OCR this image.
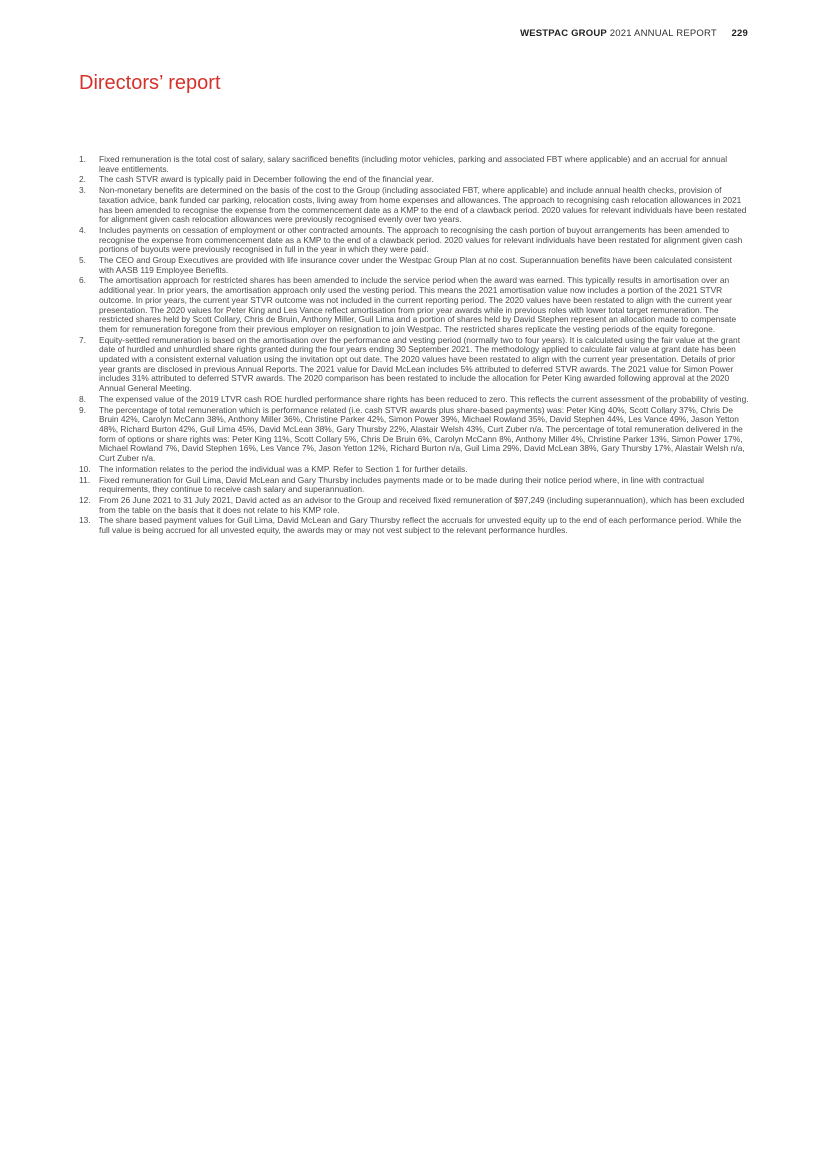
WESTPAC GROUP 2021 ANNUAL REPORT 229
Directors’ report
1. Fixed remuneration is the total cost of salary, salary sacrificed benefits (including motor vehicles, parking and associated FBT where applicable) and an accrual for annual leave entitlements.
2. The cash STVR award is typically paid in December following the end of the financial year.
3. Non-monetary benefits are determined on the basis of the cost to the Group (including associated FBT, where applicable) and include annual health checks, provision of taxation advice, bank funded car parking, relocation costs, living away from home expenses and allowances. The approach to recognising cash relocation allowances in 2021 has been amended to recognise the expense from the commencement date as a KMP to the end of a clawback period. 2020 values for relevant individuals have been restated for alignment given cash relocation allowances were previously recognised evenly over two years.
4. Includes payments on cessation of employment or other contracted amounts. The approach to recognising the cash portion of buyout arrangements has been amended to recognise the expense from commencement date as a KMP to the end of a clawback period. 2020 values for relevant individuals have been restated for alignment given cash portions of buyouts were previously recognised in full in the year in which they were paid.
5. The CEO and Group Executives are provided with life insurance cover under the Westpac Group Plan at no cost. Superannuation benefits have been calculated consistent with AASB 119 Employee Benefits.
6. The amortisation approach for restricted shares has been amended to include the service period when the award was earned. This typically results in amortisation over an additional year. In prior years, the amortisation approach only used the vesting period. This means the 2021 amortisation value now includes a portion of the 2021 STVR outcome. In prior years, the current year STVR outcome was not included in the current reporting period. The 2020 values have been restated to align with the current year presentation. The 2020 values for Peter King and Les Vance reflect amortisation from prior year awards while in previous roles with lower total target remuneration. The restricted shares held by Scott Collary, Chris de Bruin, Anthony Miller, Guil Lima and a portion of shares held by David Stephen represent an allocation made to compensate them for remuneration foregone from their previous employer on resignation to join Westpac. The restricted shares replicate the vesting periods of the equity foregone.
7. Equity-settled remuneration is based on the amortisation over the performance and vesting period (normally two to four years). It is calculated using the fair value at the grant date of hurdled and unhurdled share rights granted during the four years ending 30 September 2021. The methodology applied to calculate fair value at grant date has been updated with a consistent external valuation using the invitation opt out date. The 2020 values have been restated to align with the current year presentation. Details of prior year grants are disclosed in previous Annual Reports. The 2021 value for David McLean includes 5% attributed to deferred STVR awards. The 2021 value for Simon Power includes 31% attributed to deferred STVR awards. The 2020 comparison has been restated to include the allocation for Peter King awarded following approval at the 2020 Annual General Meeting.
8. The expensed value of the 2019 LTVR cash ROE hurdled performance share rights has been reduced to zero. This reflects the current assessment of the probability of vesting.
9. The percentage of total remuneration which is performance related (i.e. cash STVR awards plus share-based payments) was: Peter King 40%, Scott Collary 37%, Chris De Bruin 42%, Carolyn McCann 38%, Anthony Miller 36%, Christine Parker 42%, Simon Power 39%, Michael Rowland 35%, David Stephen 44%, Les Vance 49%, Jason Yetton 48%, Richard Burton 42%, Guil Lima 45%, David McLean 38%, Gary Thursby 22%, Alastair Welsh 43%, Curt Zuber n/a. The percentage of total remuneration delivered in the form of options or share rights was: Peter King 11%, Scott Collary 5%, Chris De Bruin 6%, Carolyn McCann 8%, Anthony Miller 4%, Christine Parker 13%, Simon Power 17%, Michael Rowland 7%, David Stephen 16%, Les Vance 7%, Jason Yetton 12%, Richard Burton n/a, Guil Lima 29%, David McLean 38%, Gary Thursby 17%, Alastair Welsh n/a, Curt Zuber n/a.
10. The information relates to the period the individual was a KMP. Refer to Section 1 for further details.
11. Fixed remuneration for Guil Lima, David McLean and Gary Thursby includes payments made or to be made during their notice period where, in line with contractual requirements, they continue to receive cash salary and superannuation.
12. From 26 June 2021 to 31 July 2021, David acted as an advisor to the Group and received fixed remuneration of $97,249 (including superannuation), which has been excluded from the table on the basis that it does not relate to his KMP role.
13. The share based payment values for Guil Lima, David McLean and Gary Thursby reflect the accruals for unvested equity up to the end of each performance period. While the full value is being accrued for all unvested equity, the awards may or may not vest subject to the relevant performance hurdles.
